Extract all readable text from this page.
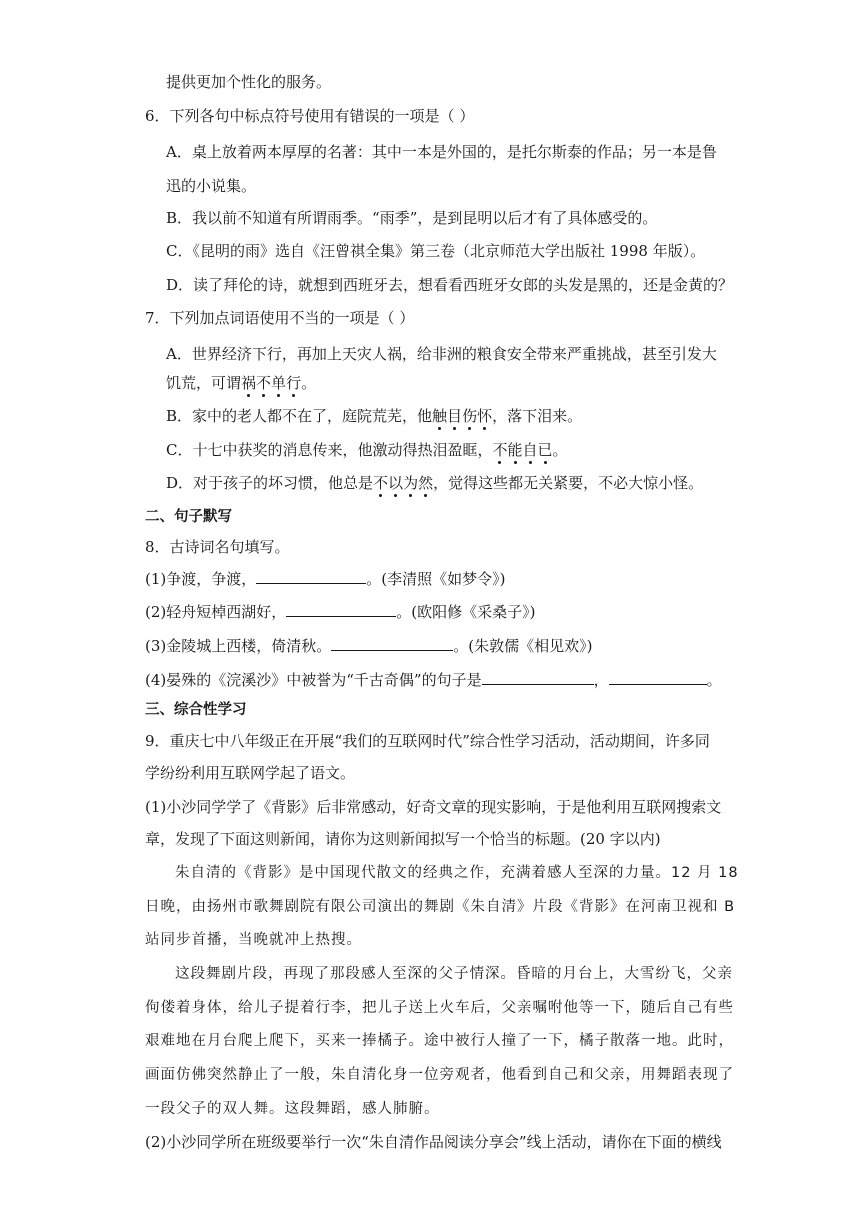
提供更加个性化的服务。
6．下列各句中标点符号使用有错误的一项是（ ）
A．桌上放着两本厚厚的名著：其中一本是外国的，是托尔斯泰的作品；另一本是鲁
迅的小说集。
B．我以前不知道有所谓雨季。“雨季”，是到昆明以后才有了具体感受的。
C．《昆明的雨》选自《汪曾祺全集》第三卷（北京师范大学出版社 1998 年版）。
D．读了拜伦的诗，就想到西班牙去，想看看西班牙女郎的头发是黑的，还是金黄的？
7．下列加点词语使用不当的一项是（ ）
A．世界经济下行，再加上天灾人祸，给非洲的粮食安全带来严重挑战，甚至引发大
饥荒，可谓祸不单行。
B．家中的老人都不在了，庭院荒芜，他触目伤怀，落下泪来。
C．十七中获奖的消息传来，他激动得热泪盈眶，不能自已。
D．对于孩子的坏习惯，他总是不以为然，觉得这些都无关紧要，不必大惊小怪。
二、句子默写
8．古诗词名句填写。
(1)争渡，争渡，	。(李清照《如梦令》)
(2)轻舟短棹西湖好，	。(欧阳修《采桑子》)
(3)金陵城上西楼，倚清秋。	。(朱敦儒《相见欢》)
(4)晏殊的《浣溪沙》中被誉为“千古奇偶”的句子是	，	。
三、综合性学习
9．重庆七中八年级正在开展“我们的互联网时代”综合性学习活动，活动期间，许多同
学纷纷利用互联网学起了语文。
(1)小沙同学学了《背影》后非常感动，好奇文章的现实影响，于是他利用互联网搜索文
章，发现了下面这则新闻，请你为这则新闻拟写一个恰当的标题。(20 字以内)
朱自清的《背影》是中国现代散文的经典之作，充满着感人至深的力量。12 月 18
日晚，由扬州市歌舞剧院有限公司演出的舞剧《朱自清》片段《背影》在河南卫视和 B
站同步首播，当晚就冲上热搜。
这段舞剧片段，再现了那段感人至深的父子情深。昏暗的月台上，大雪纷飞，父亲
佝偻着身体，给儿子提着行李，把儿子送上火车后，父亲嘱咐他等一下，随后自己有些
艰难地在月台爬上爬下，买来一捧橘子。途中被行人撞了一下，橘子散落一地。此时，
画面仿佛突然静止了一般，朱自清化身一位旁观者，他看到自己和父亲，用舞蹈表现了
一段父子的双人舞。这段舞蹈，感人肺腑。
(2)小沙同学所在班级要举行一次“朱自清作品阅读分享会”线上活动，请你在下面的横线
